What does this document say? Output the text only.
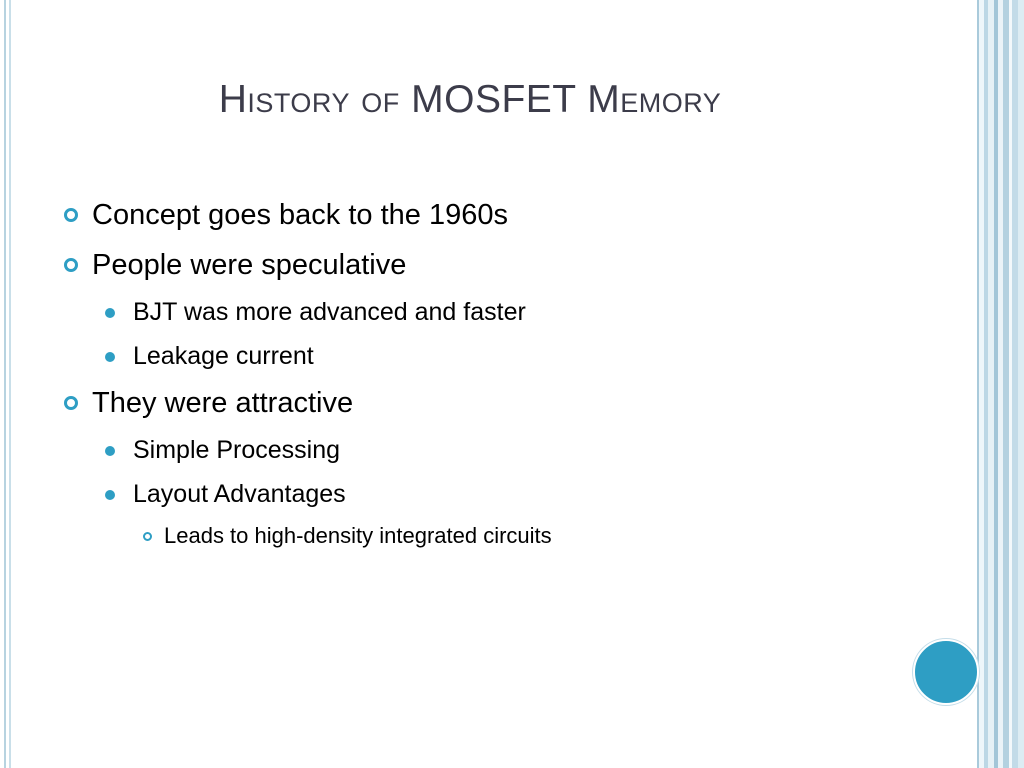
History of MOSFET Memory
Concept goes back to the 1960s
People were speculative
BJT was more advanced and faster
Leakage current
They were attractive
Simple Processing
Layout Advantages
Leads to high-density integrated circuits
